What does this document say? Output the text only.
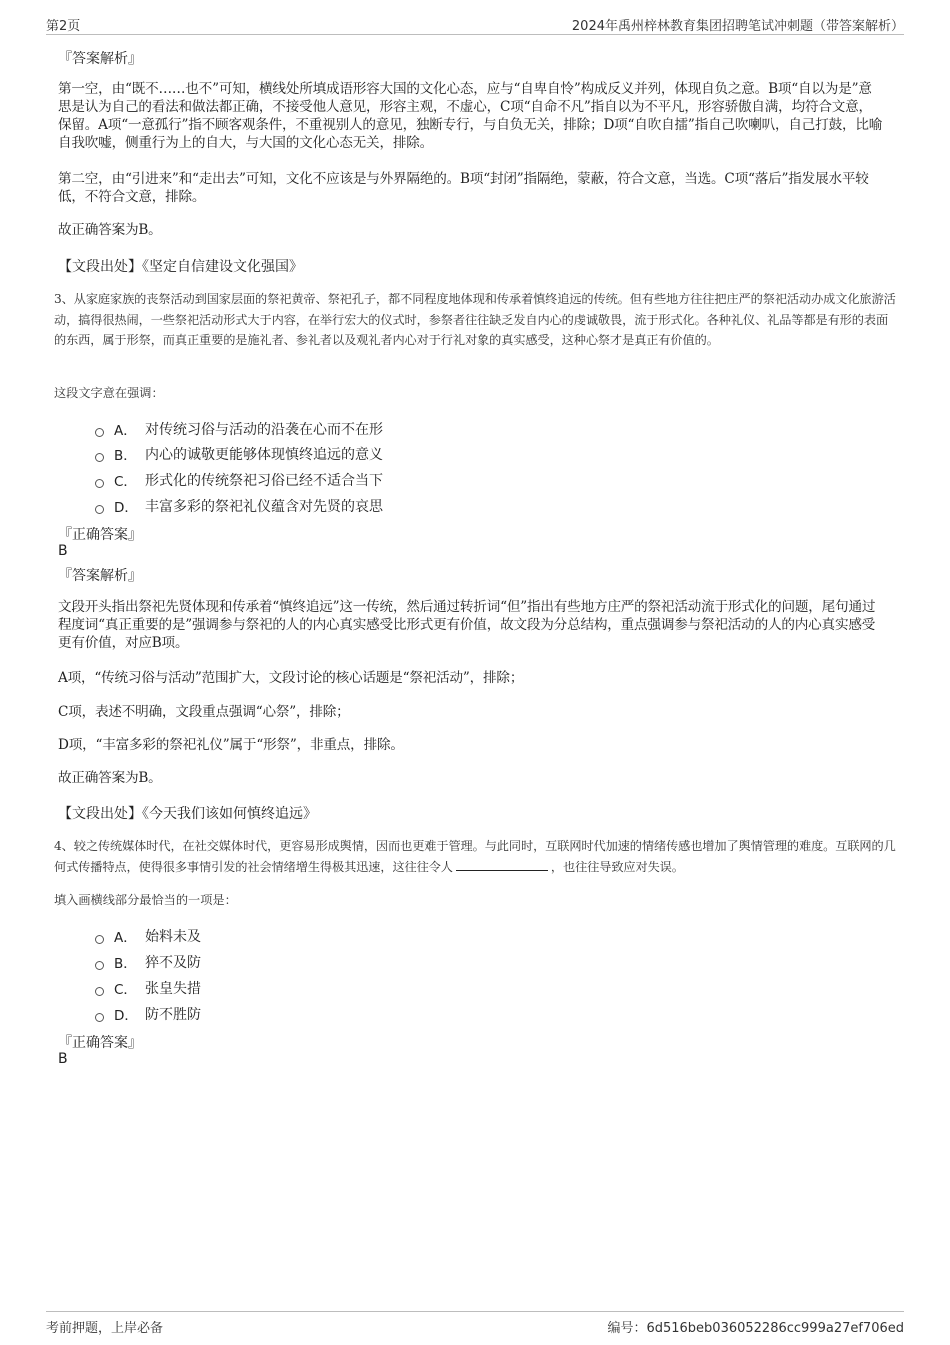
第2页	2024年禹州梓林教育集团招聘笔试冲刺题（带答案解析）
『答案解析』
第一空，由“既不……也不”可知，横线处所填成语形容大国的文化心态，应与“自卑自怜”构成反义并列，体现自负之意。B项“自以为是”意思是认为自己的看法和做法都正确，不接受他人意见，形容主观，不虚心，C项“自命不凡”指自以为不平凡，形容骄傲自满，均符合文意，保留。A项“一意孤行”指不顾客观条件，不重视别人的意见，独断专行，与自负无关，排除；D项“自吹自擂”指自己吹喇叭，自己打鼓，比喻自我吹嘘，侧重行为上的自大，与大国的文化心态无关，排除。
第二空，由“引进来”和“走出去”可知，文化不应该是与外界隔绝的。B项“封闭”指隔绝，蒙蔽，符合文意，当选。C项“落后”指发展水平较低，不符合文意，排除。
故正确答案为B。
【文段出处】《坚定自信建设文化强国》
3、从家庭家族的丧祭活动到国家层面的祭祀黄帝、祭祀孔子，都不同程度地体现和传承着慎终追远的传统。但有些地方往往把庄严的祭祀活动办成文化旅游活动，搞得很热闹，一些祭祀活动形式大于内容，在举行宏大的仪式时，参祭者往往缺乏发自内心的虔诚敬畏，流于形式化。各种礼仪、礼品等都是有形的表面的东西，属于形祭，而真正重要的是施礼者、参礼者以及观礼者内心对于行礼对象的真实感受，这种心祭才是真正有价值的。
这段文字意在强调：
A． 对传统习俗与活动的沿袭在心而不在形
B． 内心的诚敬更能够体现慎终追远的意义
C． 形式化的传统祭祀习俗已经不适合当下
D． 丰富多彩的祭祀礼仪蕴含对先贤的哀思
『正确答案』
B
『答案解析』
文段开头指出祭祀先贤体现和传承着“慎终追远”这一传统，然后通过转折词“但”指出有些地方庄严的祭祀活动流于形式化的问题，尾句通过程度词“真正重要的是”强调参与祭祀的人的内心真实感受比形式更有价值，故文段为分总结构，重点强调参与祭祀活动的人的内心真实感受更有价值，对应B项。
A项，“传统习俗与活动”范围扩大，文段讨论的核心话题是“祭祀活动”，排除；
C项，表述不明确，文段重点强调“心祭”，排除；
D项，“丰富多彩的祭祀礼仪”属于“形祭”，非重点，排除。
故正确答案为B。
【文段出处】《今天我们该如何慎终追远》
4、较之传统媒体时代，在社交媒体时代，更容易形成舆情，因而也更难于管理。与此同时，互联网时代加速的情绪传感也增加了舆情管理的难度。互联网的几何式传播特点，使得很多事情引发的社会情绪增生得极其迅速，这往往令人	，也往往导致应对失误。
填入画横线部分最恰当的一项是：
A． 始料未及
B． 猝不及防
C． 张皇失措
D． 防不胜防
『正确答案』
B
考前押题，上岸必备	编号：6d516beb036052286cc999a27ef706ed
